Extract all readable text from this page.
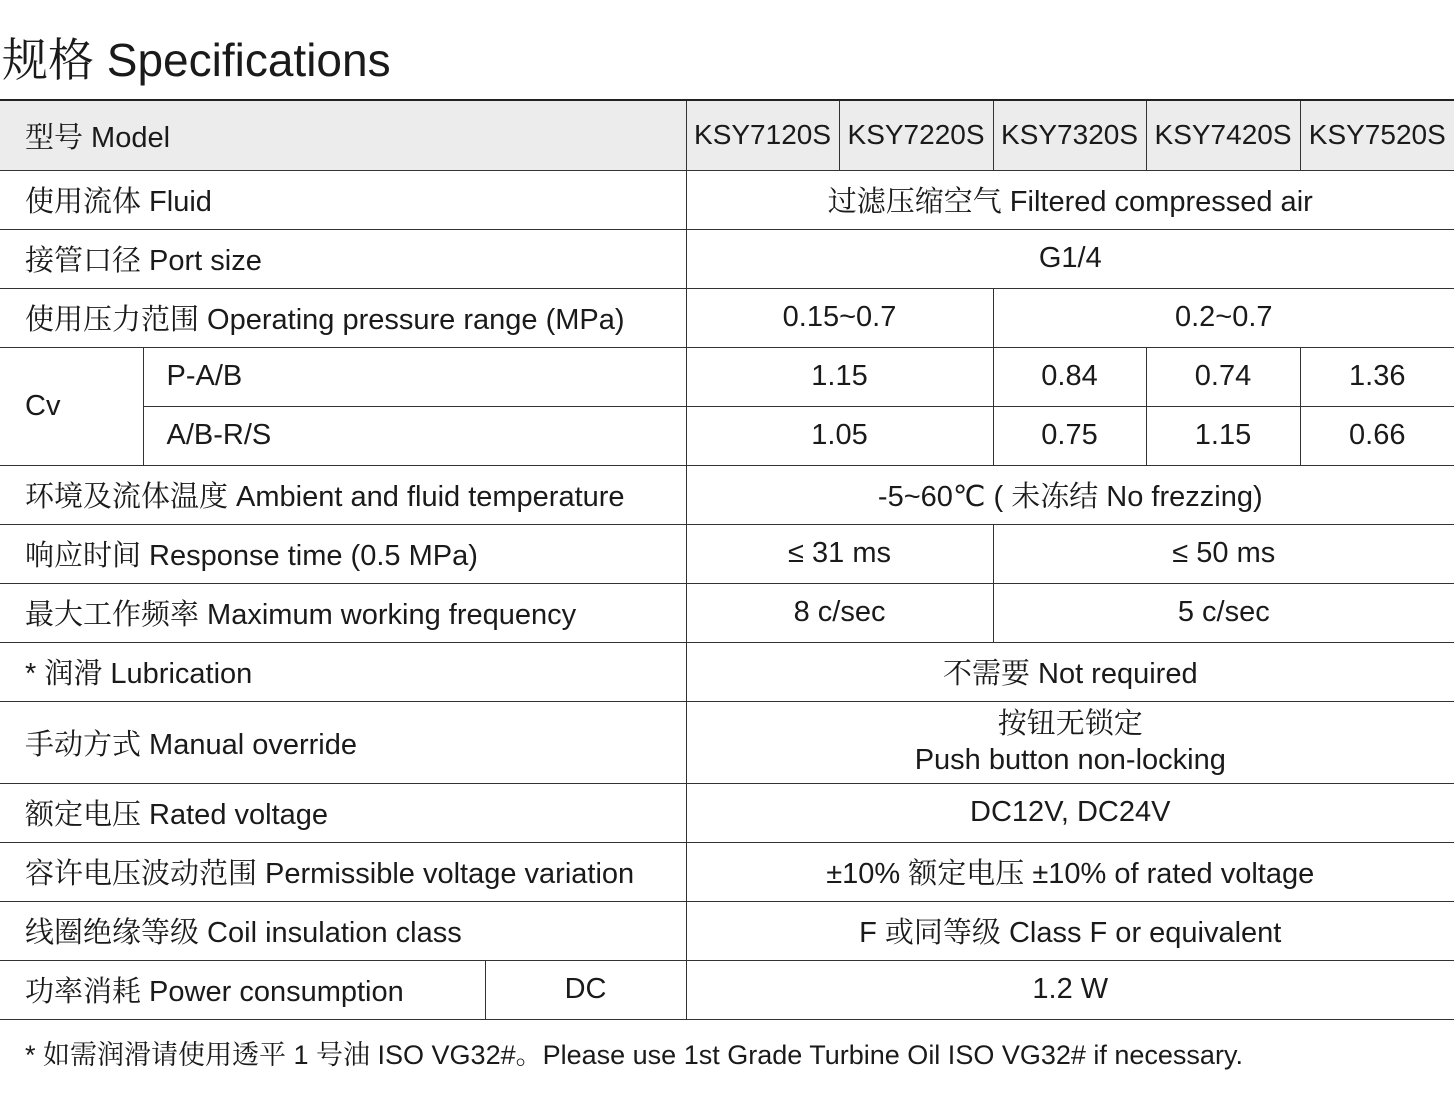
规格 Specifications
型号 Model			KSY7120S	KSY7220S	KSY7320S	KSY7420S	KSY7520S
使用流体 Fluid			过滤压缩空气 Filtered compressed air				
接管口径 Port size			G1/4				
使用压力范围 Operating pressure range (MPa)			0.15~0.7		0.2~0.7		
Cv	P-A/B		1.15		0.84	0.74	1.36
	A/B-R/S		1.05		0.75	1.15	0.66
环境及流体温度 Ambient and fluid temperature			-5~60℃ ( 未冻结 No frezzing)				
响应时间 Response time (0.5 MPa)			≤ 31 ms		≤ 50 ms		
最大工作频率 Maximum working frequency			8 c/sec		5 c/sec		
* 润滑 Lubrication			不需要 Not required				
手动方式 Manual override			按钮无锁定
Push button non-locking				

额定电压 Rated voltage			DC12V, DC24V				
容许电压波动范围 Permissible voltage variation			±10% 额定电压 ±10% of rated voltage				
线圈绝缘等级 Coil insulation class			F 或同等级 Class F or equivalent				
功率消耗 Power consumption		DC	1.2 W				
* 如需润滑请使用透平 1 号油 ISO VG32#。Please use 1st Grade Turbine Oil ISO VG32# if necessary.
